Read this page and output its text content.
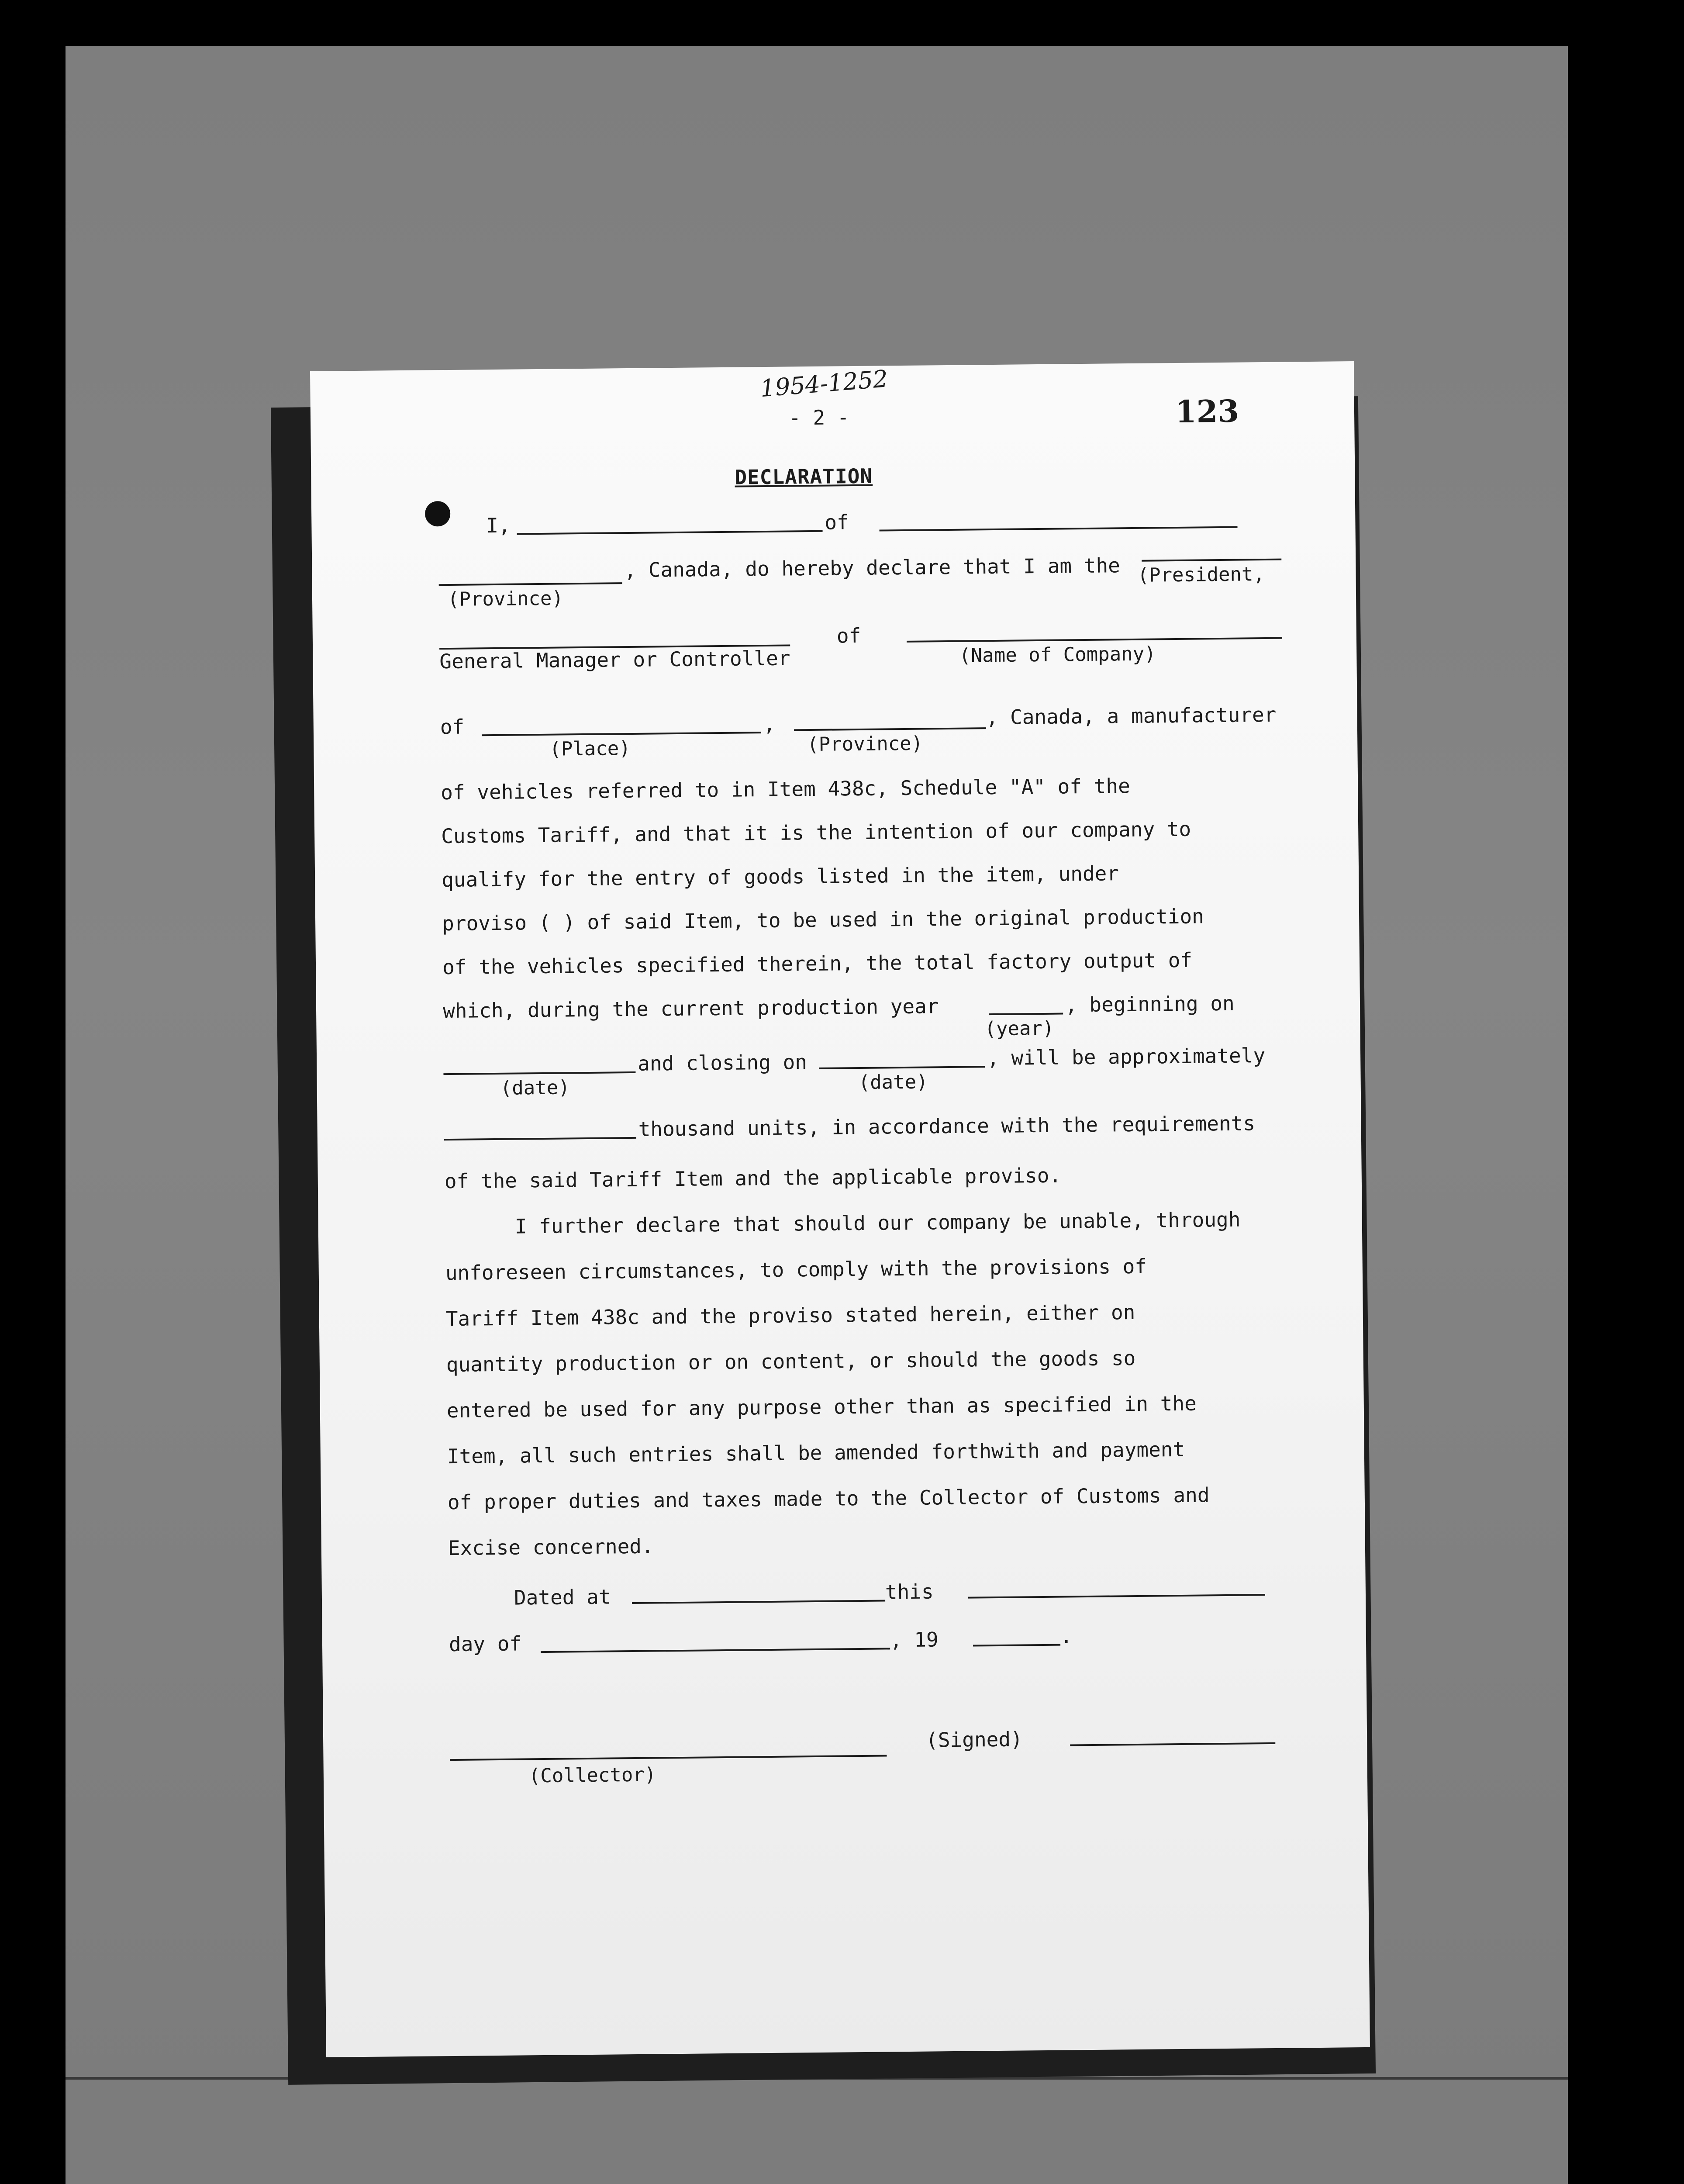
1954-1252
- 2 -	123
DECLARATION
I,	of
(Province)
, Canada, do hereby declare that I am the (President,
General Manager or Controller
of
(Name of Company)
of
(Place)
,
(Province)
, Canada, a manufacturer
of vehicles referred to in Item 438c, Schedule "A" of the
Customs Tariff, and that it is the intention of our company to
qualify for the entry of goods listed in the item, under
proviso ( ) of said Item, to be used in the original production
of the vehicles specified therein, the total factory output of
which, during the current production year
(year)
, beginning on
(date)
and closing on
(date)
, will be approximately
thousand units, in accordance with the requirements
of the said Tariff Item and the applicable proviso.
I further declare that should our company be unable, through
unforeseen circumstances, to comply with the provisions of
Tariff Item 438c and the proviso stated herein, either on
quantity production or on content, or should the goods so
entered be used for any purpose other than as specified in the
Item, all such entries shall be amended forthwith and payment
of proper duties and taxes made to the Collector of Customs and
Excise concerned.
Dated at	this
day of	, 19	.
(Collector)
(Signed)
